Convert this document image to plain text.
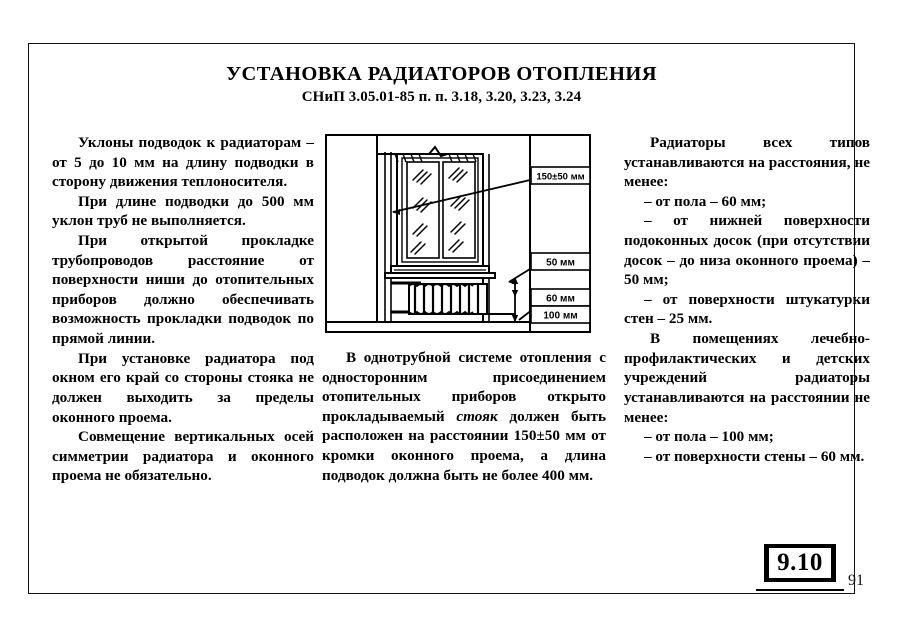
УСТАНОВКА РАДИАТОРОВ ОТОПЛЕНИЯ
СНиП 3.05.01-85 п. п. 3.18, 3.20, 3.23, 3.24

Уклоны подводок к радиаторам – от 5 до 10 мм на длину подводки в сторону движения теплоносителя.

При длине подводки до 500 мм уклон труб не выполняется.

При открытой прокладке трубопроводов расстояние от поверхности ниши до отопительных приборов должно обеспечивать возможность прокладки подводок по прямой линии.

При установке радиатора под окном его край со стороны стояка не должен выходить за пределы оконного проема.

Совмещение вертикальных осей симметрии радиатора и оконного проема не обязательно.

150±50 мм
50 мм
60 мм
100 мм

В однотрубной системе отопления с односторонним присоединением отопительных приборов открыто прокладываемый стояк должен быть расположен на расстоянии 150±50 мм от кромки оконного проема, а длина подводок должна быть не более 400 мм.

Радиаторы всех типов устанавливаются на расстояния, не менее:

– от пола – 60 мм;

– от нижней поверхности подоконных досок (при отсутствии досок – до низа оконного проема) – 50 мм;

– от поверхности штукатурки стен – 25 мм.

В помещениях лечебно-профилактических и детских учреждений радиаторы устанавливаются на расстоянии не менее:

– от пола – 100 мм;

– от поверхности стены – 60 мм.

9.10
91
